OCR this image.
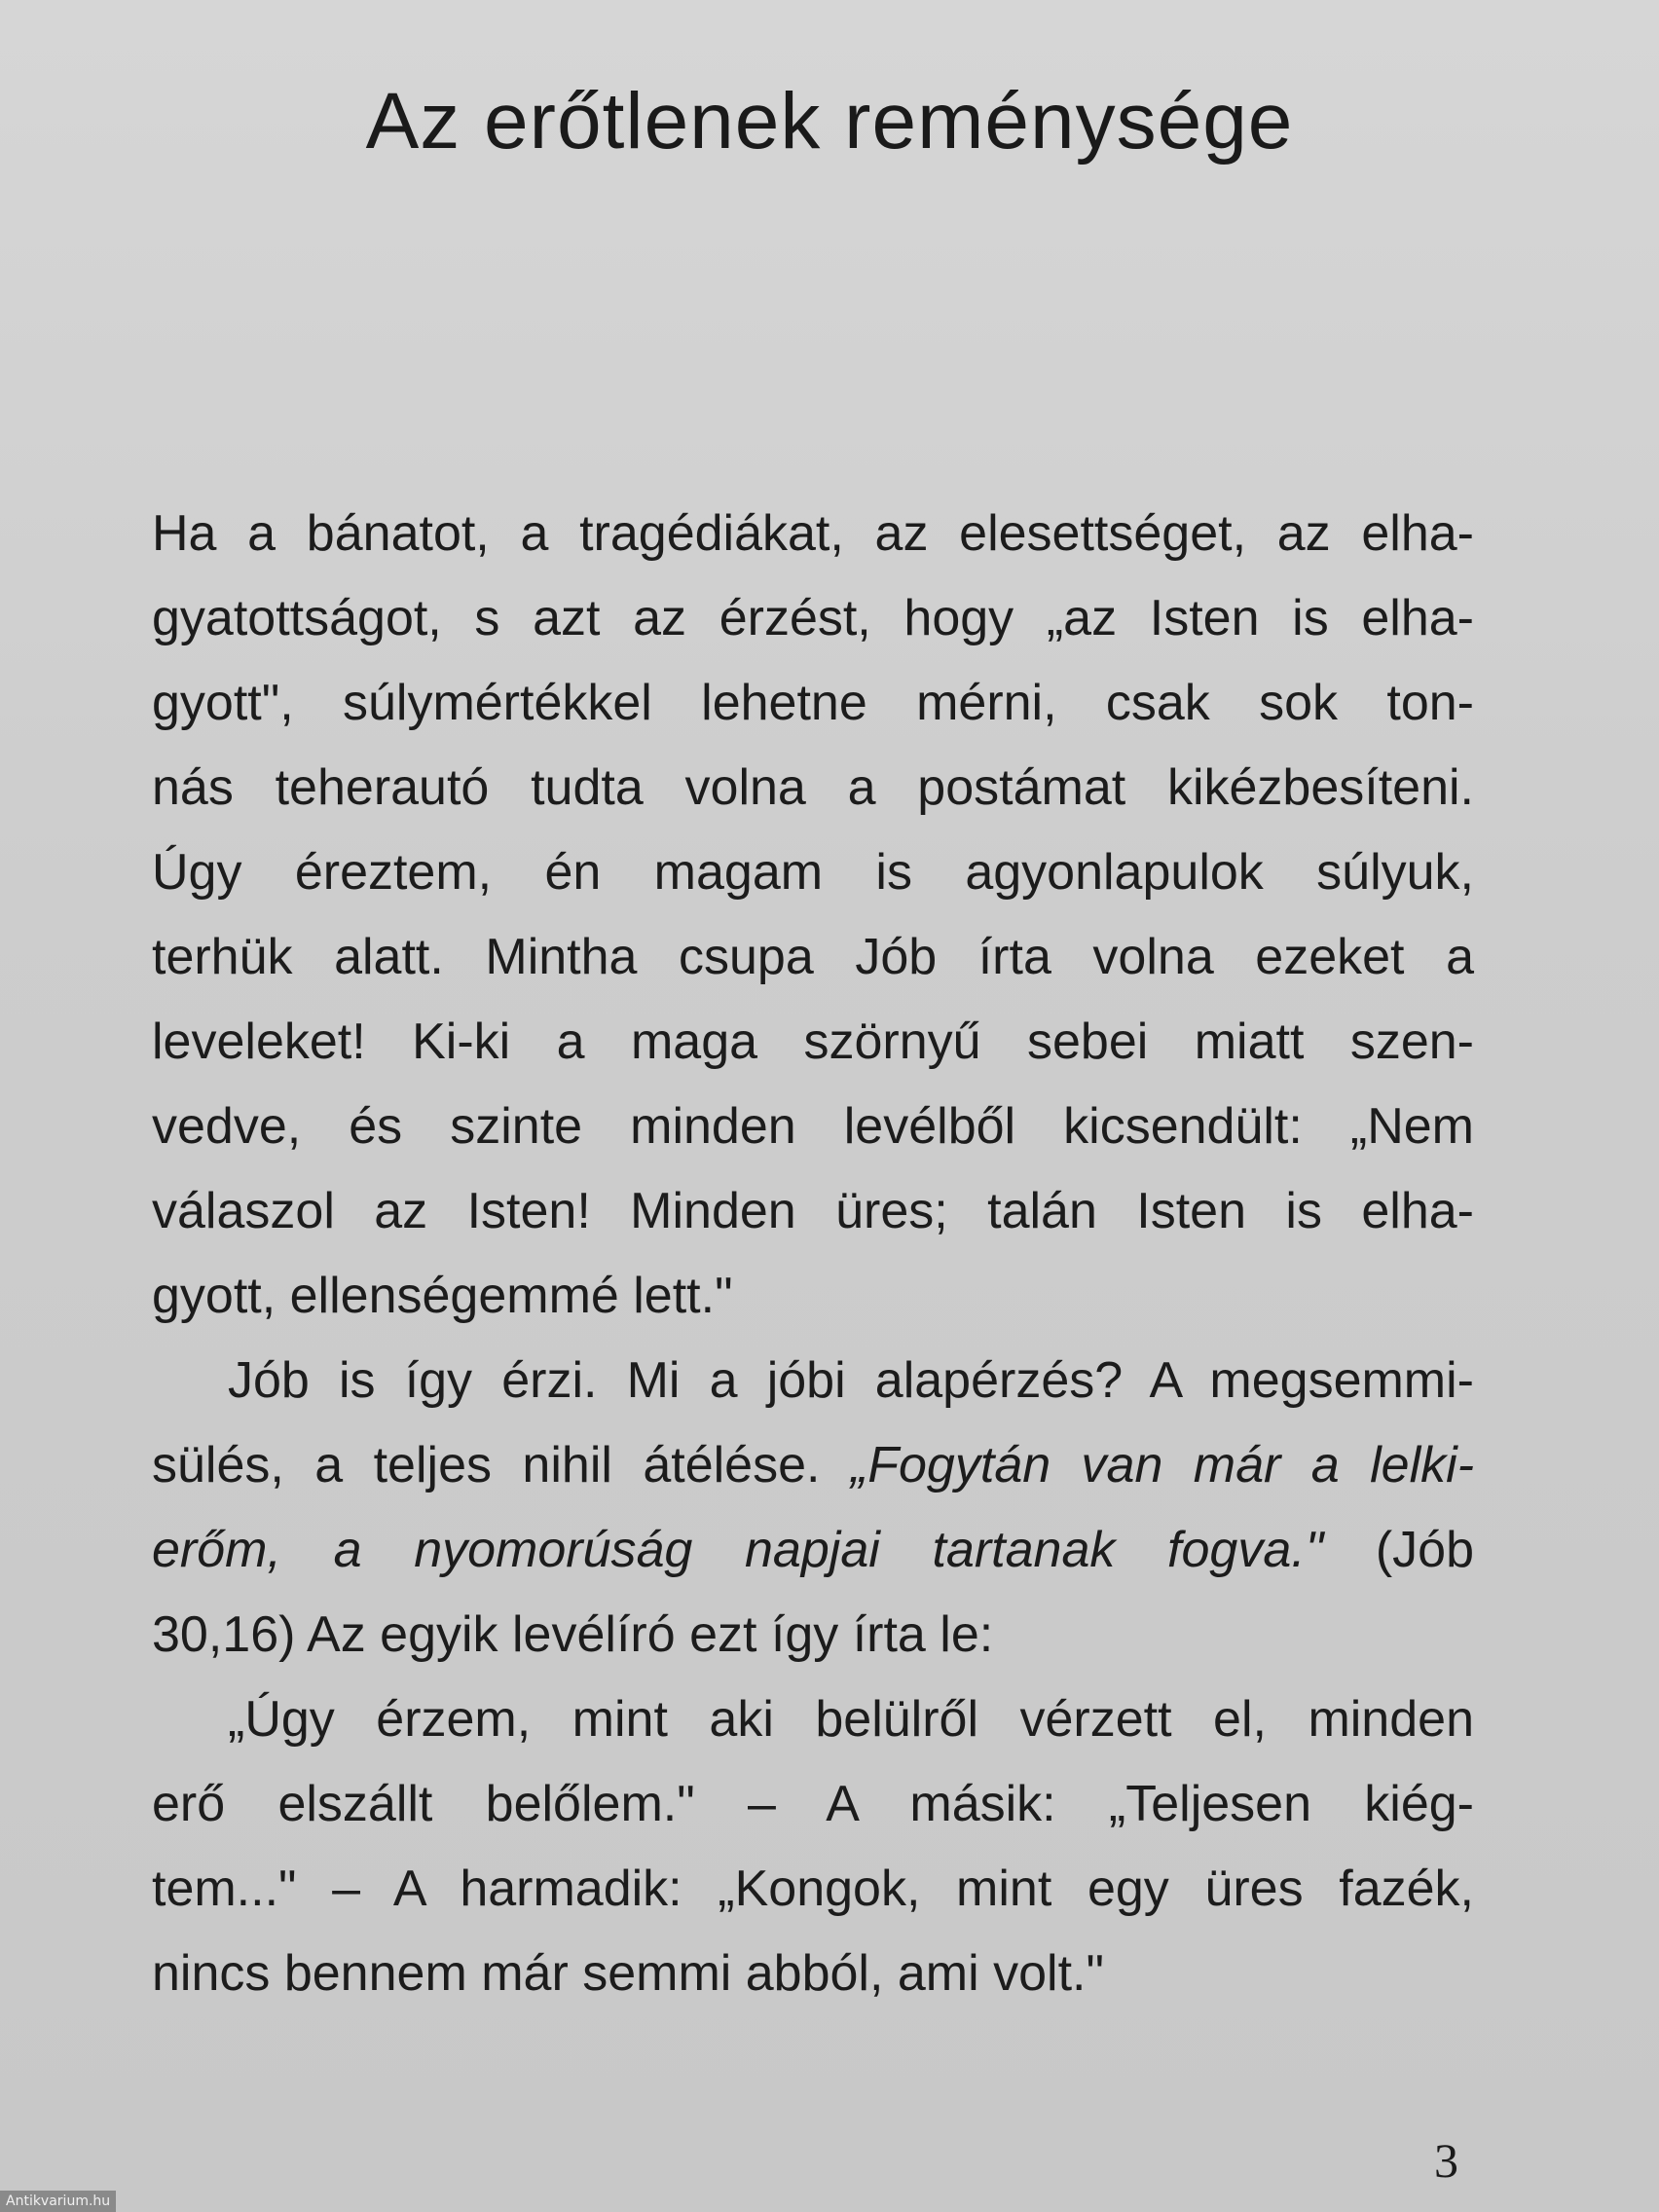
Az erőtlenek reménysége
Ha a bánatot, a tragédiákat, az elesettséget, az elha-
gyatottságot, s azt az érzést, hogy „az Isten is elha-
gyott", súlymértékkel lehetne mérni, csak sok ton-
nás teherautó tudta volna a postámat kikézbesíteni.
Úgy éreztem, én magam is agyonlapulok súlyuk,
terhük alatt. Mintha csupa Jób írta volna ezeket a
leveleket! Ki-ki a maga szörnyű sebei miatt szen-
vedve, és szinte minden levélből kicsendült: „Nem
válaszol az Isten! Minden üres; talán Isten is elha-
gyott, ellenségemmé lett."
Jób is így érzi. Mi a jóbi alapérzés? A megsemmi-
sülés, a teljes nihil átélése. „Fogytán van már a lelki-
erőm, a nyomorúság napjai tartanak fogva." (Jób
30,16) Az egyik levélíró ezt így írta le:
„Úgy érzem, mint aki belülről vérzett el, minden
erő elszállt belőlem." – A másik: „Teljesen kiég-
tem..." – A harmadik: „Kongok, mint egy üres fazék,
nincs bennem már semmi abból, ami volt."
3
Antikvarium.hu
